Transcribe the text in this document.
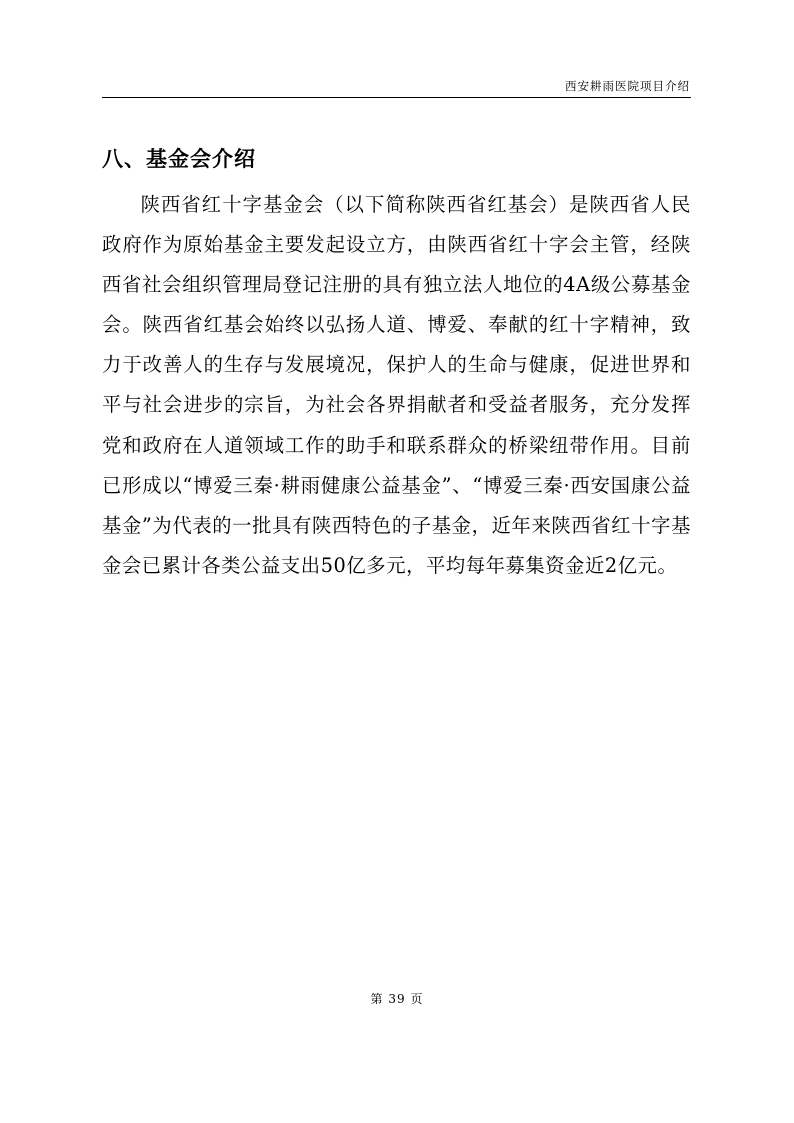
西安耕雨医院项目介绍
八、基金会介绍

陕西省红十字基金会（以下简称陕西省红基会）是陕西省人民政府作为原始基金主要发起设立方，由陕西省红十字会主管，经陕西省社会组织管理局登记注册的具有独立法人地位的4A级公募基金会。陕西省红基会始终以弘扬人道、博爱、奉献的红十字精神，致力于改善人的生存与发展境况，保护人的生命与健康，促进世界和平与社会进步的宗旨，为社会各界捐献者和受益者服务，充分发挥党和政府在人道领域工作的助手和联系群众的桥梁纽带作用。目前已形成以“博爱三秦·耕雨健康公益基金”、“博爱三秦·西安国康公益基金”为代表的一批具有陕西特色的子基金，近年来陕西省红十字基金会已累计各类公益支出50亿多元，平均每年募集资金近2亿元。

第 39 页
